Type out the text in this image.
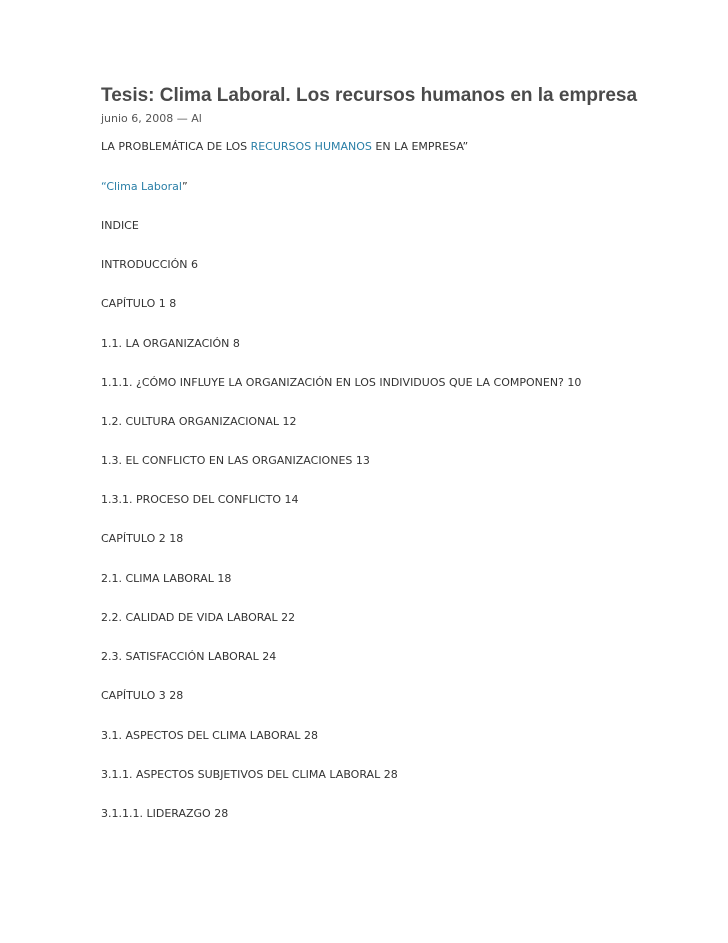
Tesis: Clima Laboral. Los recursos humanos en la empresa
junio 6, 2008 — Al
LA PROBLEMÁTICA DE LOS RECURSOS HUMANOS EN LA EMPRESA”
“Clima Laboral”
INDICE
INTRODUCCIÓN 6
CAPÍTULO 1 8
1.1. LA ORGANIZACIÓN 8
1.1.1. ¿CÓMO INFLUYE LA ORGANIZACIÓN EN LOS INDIVIDUOS QUE LA COMPONEN? 10
1.2. CULTURA ORGANIZACIONAL 12
1.3. EL CONFLICTO EN LAS ORGANIZACIONES 13
1.3.1. PROCESO DEL CONFLICTO 14
CAPÍTULO 2 18
2.1. CLIMA LABORAL 18
2.2. CALIDAD DE VIDA LABORAL 22
2.3. SATISFACCIÓN LABORAL 24
CAPÍTULO 3 28
3.1. ASPECTOS DEL CLIMA LABORAL 28
3.1.1. ASPECTOS SUBJETIVOS DEL CLIMA LABORAL 28
3.1.1.1. LIDERAZGO 28
